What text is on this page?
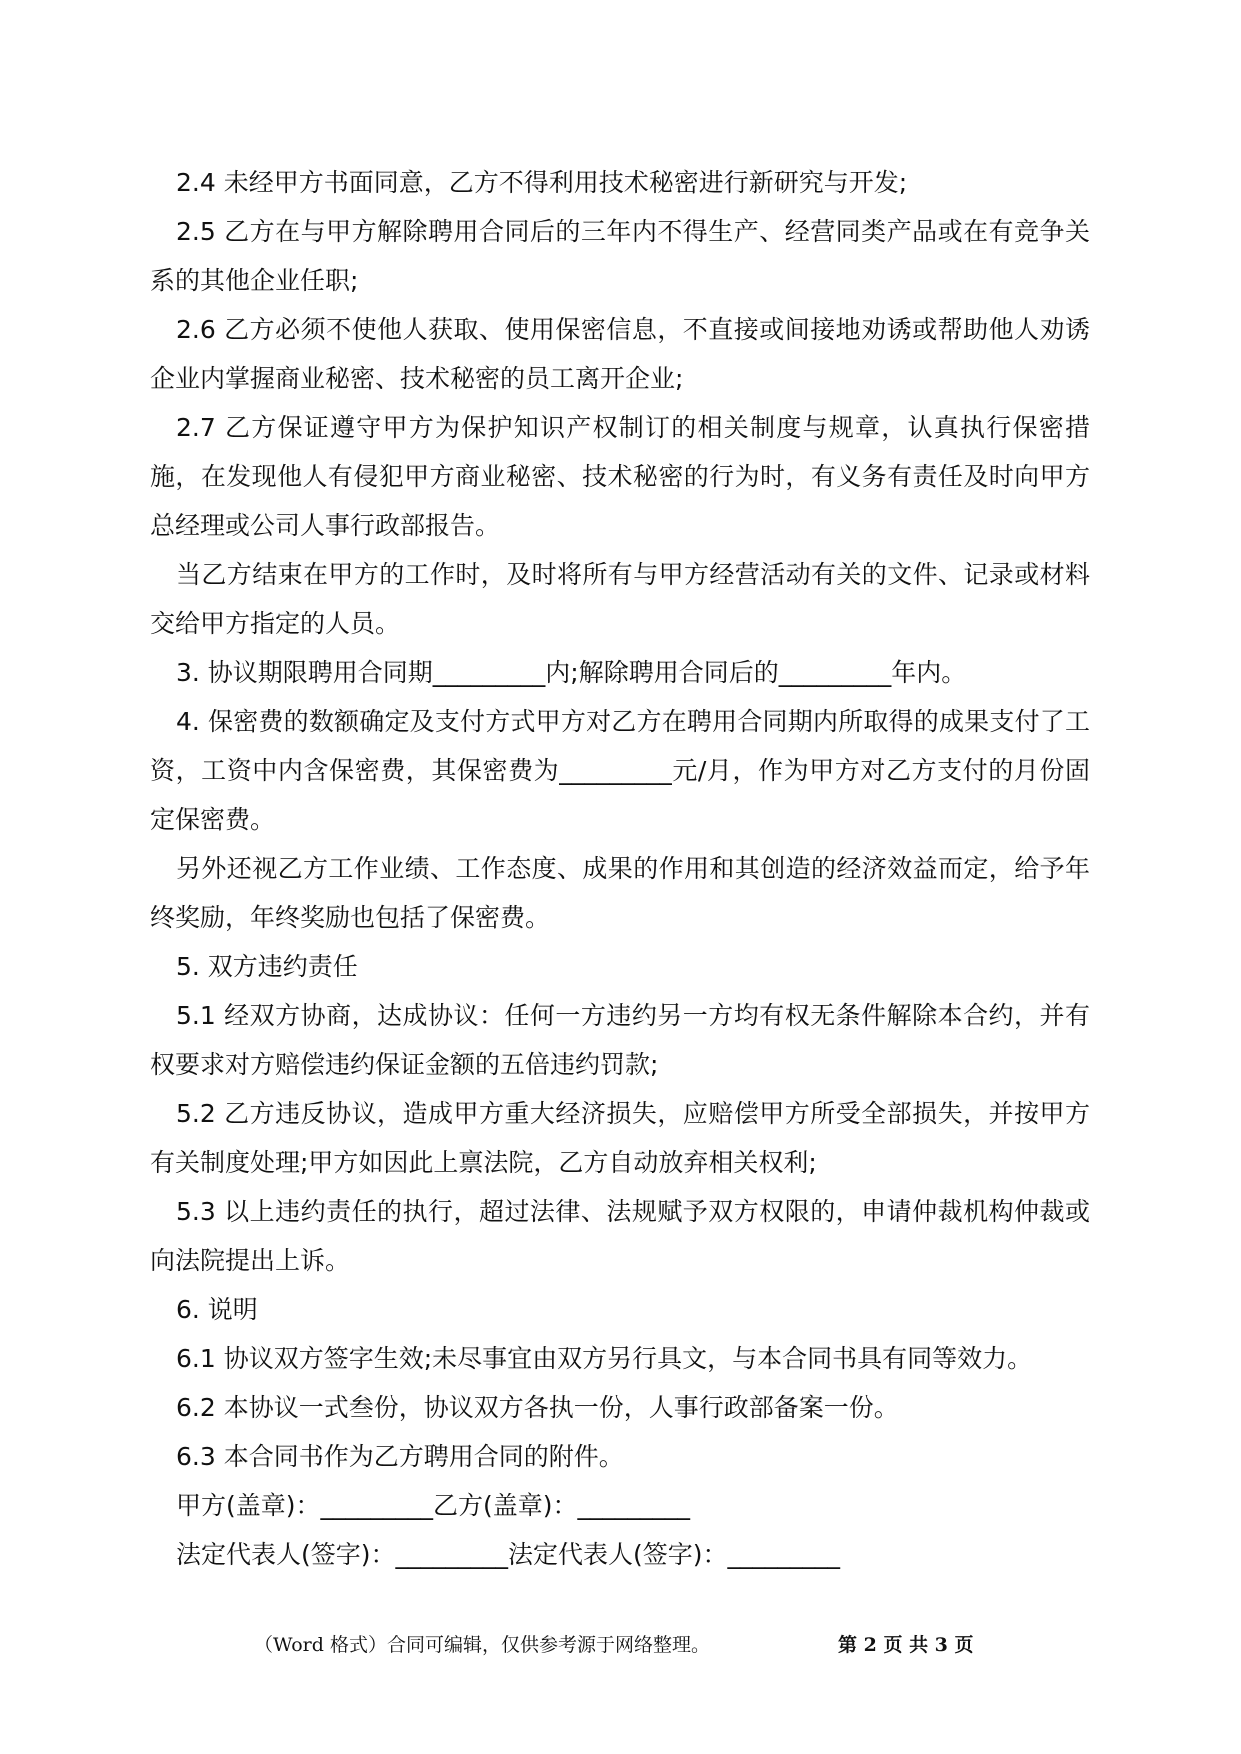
2.4 未经甲方书面同意，乙方不得利用技术秘密进行新研究与开发;

2.5 乙方在与甲方解除聘用合同后的三年内不得生产、经营同类产品或在有竞争关系的其他企业任职;

2.6 乙方必须不使他人获取、使用保密信息，不直接或间接地劝诱或帮助他人劝诱企业内掌握商业秘密、技术秘密的员工离开企业;

2.7 乙方保证遵守甲方为保护知识产权制订的相关制度与规章，认真执行保密措施，在发现他人有侵犯甲方商业秘密、技术秘密的行为时，有义务有责任及时向甲方总经理或公司人事行政部报告。

当乙方结束在甲方的工作时，及时将所有与甲方经营活动有关的文件、记录或材料交给甲方指定的人员。

3. 协议期限聘用合同期_________内;解除聘用合同后的_________年内。

4. 保密费的数额确定及支付方式甲方对乙方在聘用合同期内所取得的成果支付了工资，工资中内含保密费，其保密费为_________元/月，作为甲方对乙方支付的月份固定保密费。

另外还视乙方工作业绩、工作态度、成果的作用和其创造的经济效益而定，给予年终奖励，年终奖励也包括了保密费。

5. 双方违约责任

5.1 经双方协商，达成协议：任何一方违约另一方均有权无条件解除本合约，并有权要求对方赔偿违约保证金额的五倍违约罚款;

5.2 乙方违反协议，造成甲方重大经济损失，应赔偿甲方所受全部损失，并按甲方有关制度处理;甲方如因此上禀法院，乙方自动放弃相关权利;

5.3 以上违约责任的执行，超过法律、法规赋予双方权限的，申请仲裁机构仲裁或向法院提出上诉。

6. 说明

6.1 协议双方签字生效;未尽事宜由双方另行具文，与本合同书具有同等效力。

6.2 本协议一式叁份，协议双方各执一份，人事行政部备案一份。

6.3 本合同书作为乙方聘用合同的附件。

甲方(盖章)：_________乙方(盖章)：_________

法定代表人(签字)：_________法定代表人(签字)：_________

（Word 格式）合同可编辑，仅供参考源于网络整理。	第 2 页 共 3 页
